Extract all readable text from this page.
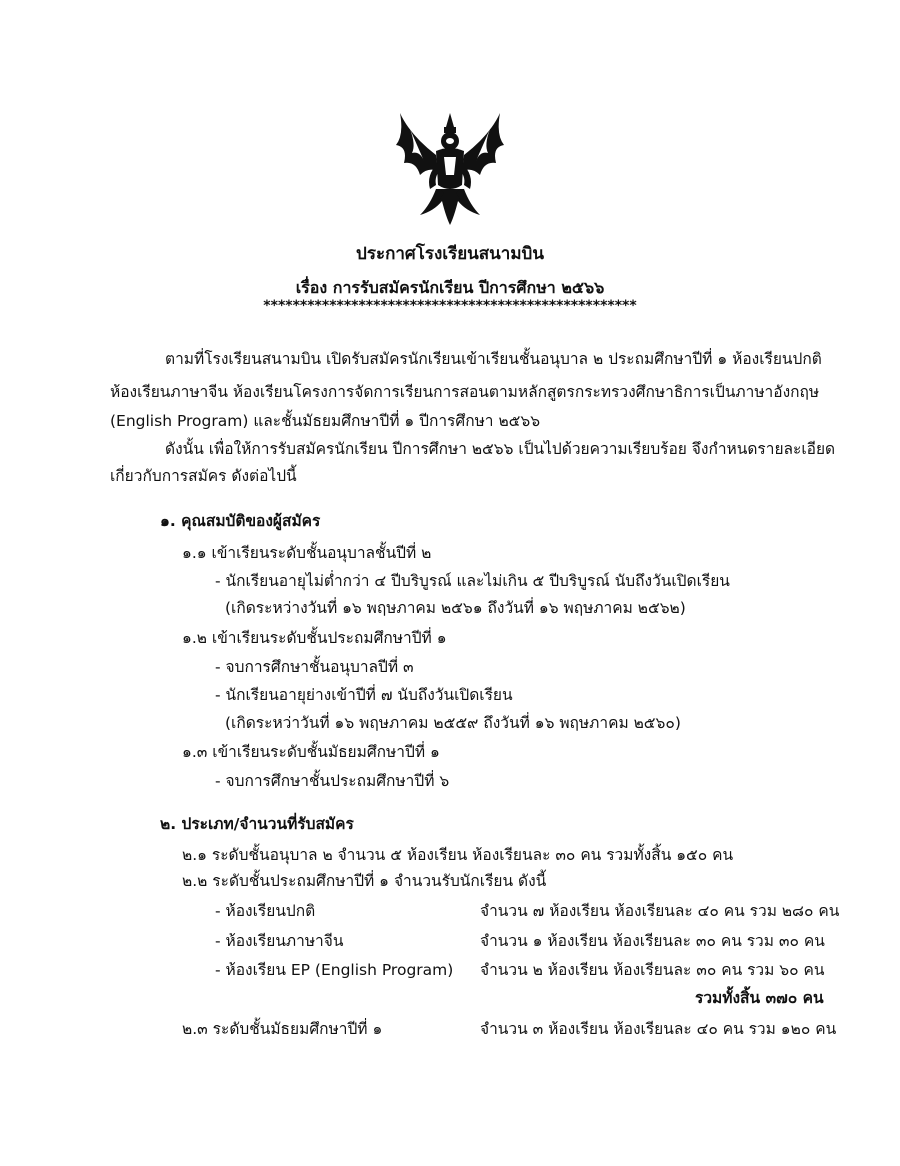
ประกาศโรงเรียนสนามบิน
เรื่อง การรับสมัครนักเรียน ปีการศึกษา ๒๕๖๖
***************************************************
ตามที่โรงเรียนสนามบิน เปิดรับสมัครนักเรียนเข้าเรียนชั้นอนุบาล ๒ ประถมศึกษาปีที่ ๑ ห้องเรียนปกติ
ห้องเรียนภาษาจีน ห้องเรียนโครงการจัดการเรียนการสอนตามหลักสูตรกระทรวงศึกษาธิการเป็นภาษาอังกฤษ
(English Program) และชั้นมัธยมศึกษาปีที่ ๑ ปีการศึกษา ๒๕๖๖
ดังนั้น เพื่อให้การรับสมัครนักเรียน ปีการศึกษา ๒๕๖๖ เป็นไปด้วยความเรียบร้อย จึงกำหนดรายละเอียด
เกี่ยวกับการสมัคร ดังต่อไปนี้
๑. คุณสมบัติของผู้สมัคร
๑.๑ เข้าเรียนระดับชั้นอนุบาลชั้นปีที่ ๒
- นักเรียนอายุไม่ต่ำกว่า ๔ ปีบริบูรณ์ และไม่เกิน ๕ ปีบริบูรณ์ นับถึงวันเปิดเรียน
(เกิดระหว่างวันที่ ๑๖ พฤษภาคม ๒๕๖๑ ถึงวันที่ ๑๖ พฤษภาคม ๒๕๖๒)
๑.๒ เข้าเรียนระดับชั้นประถมศึกษาปีที่ ๑
- จบการศึกษาชั้นอนุบาลปีที่ ๓
- นักเรียนอายุย่างเข้าปีที่ ๗ นับถึงวันเปิดเรียน
(เกิดระหว่าวันที่ ๑๖ พฤษภาคม ๒๕๕๙ ถึงวันที่ ๑๖ พฤษภาคม ๒๕๖๐)
๑.๓ เข้าเรียนระดับชั้นมัธยมศึกษาปีที่ ๑
- จบการศึกษาชั้นประถมศึกษาปีที่ ๖
๒. ประเภท/จำนวนที่รับสมัคร
๒.๑ ระดับชั้นอนุบาล ๒ จำนวน ๕ ห้องเรียน ห้องเรียนละ ๓๐ คน รวมทั้งสิ้น ๑๕๐ คน
๒.๒ ระดับชั้นประถมศึกษาปีที่ ๑ จำนวนรับนักเรียน ดังนี้
- ห้องเรียนปกติ	จำนวน ๗ ห้องเรียน ห้องเรียนละ ๔๐ คน รวม ๒๘๐ คน
- ห้องเรียนภาษาจีน	จำนวน ๑ ห้องเรียน ห้องเรียนละ ๓๐ คน รวม ๓๐ คน
- ห้องเรียน EP (English Program) จำนวน ๒ ห้องเรียน ห้องเรียนละ ๓๐ คน รวม ๖๐ คน
รวมทั้งสิ้น ๓๗๐ คน
๒.๓ ระดับชั้นมัธยมศึกษาปีที่ ๑	จำนวน ๓ ห้องเรียน ห้องเรียนละ ๔๐ คน รวม ๑๒๐ คน
